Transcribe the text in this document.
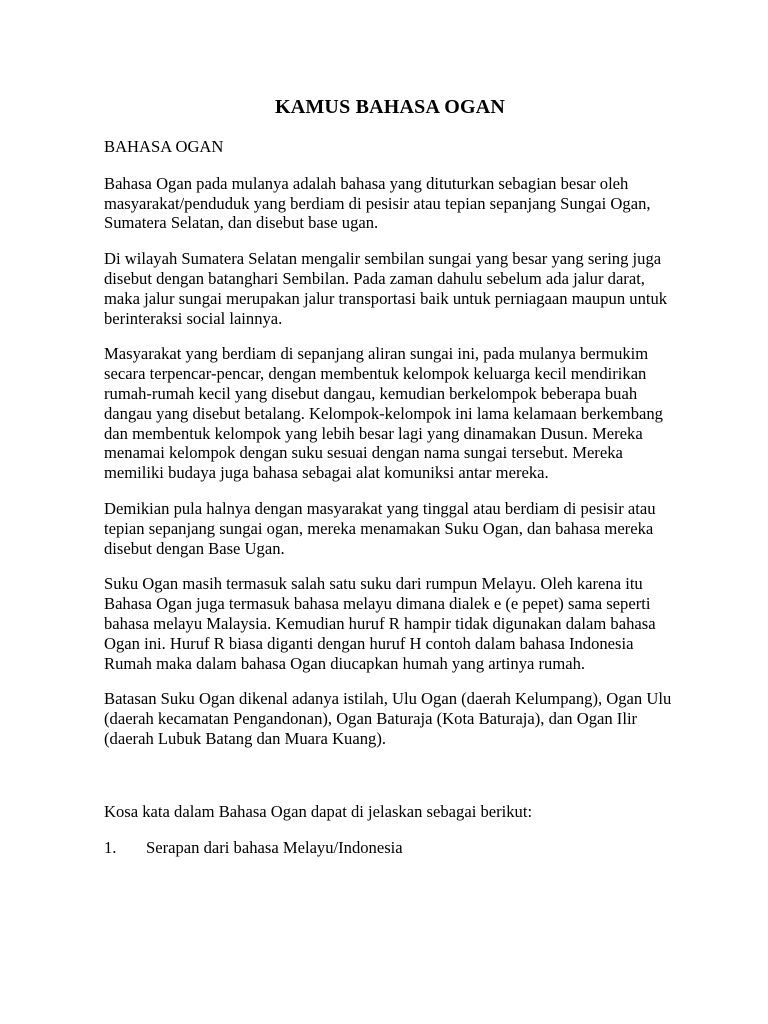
KAMUS BAHASA OGAN
BAHASA OGAN

Bahasa Ogan pada mulanya adalah bahasa yang dituturkan sebagian besar oleh masyarakat/penduduk yang berdiam di pesisir atau tepian sepanjang Sungai Ogan, Sumatera Selatan, dan disebut base ugan.

Di wilayah Sumatera Selatan mengalir sembilan sungai yang besar yang sering juga disebut dengan batanghari Sembilan. Pada zaman dahulu sebelum ada jalur darat, maka jalur sungai merupakan jalur transportasi baik untuk perniagaan maupun untuk berinteraksi social lainnya.

Masyarakat yang berdiam di sepanjang aliran sungai ini, pada mulanya bermukim secara terpencar-pencar, dengan membentuk kelompok keluarga kecil mendirikan rumah-rumah kecil yang disebut dangau, kemudian berkelompok beberapa buah dangau yang disebut betalang. Kelompok-kelompok ini lama kelamaan berkembang dan membentuk kelompok yang lebih besar lagi yang dinamakan Dusun. Mereka menamai kelompok dengan suku sesuai dengan nama sungai tersebut. Mereka memiliki budaya juga bahasa sebagai alat komuniksi antar mereka.

Demikian pula halnya dengan masyarakat yang tinggal atau berdiam di pesisir atau tepian sepanjang sungai ogan, mereka menamakan Suku Ogan, dan bahasa mereka disebut dengan Base Ugan.

Suku Ogan masih termasuk salah satu suku dari rumpun Melayu. Oleh karena itu Bahasa Ogan juga termasuk bahasa melayu dimana dialek e (e pepet) sama seperti bahasa melayu Malaysia. Kemudian huruf R hampir tidak digunakan dalam bahasa Ogan ini. Huruf R biasa diganti dengan huruf H contoh dalam bahasa Indonesia Rumah maka dalam bahasa Ogan diucapkan humah yang artinya rumah.

Batasan Suku Ogan dikenal adanya istilah, Ulu Ogan (daerah Kelumpang), Ogan Ulu (daerah kecamatan Pengandonan), Ogan Baturaja (Kota Baturaja), dan Ogan Ilir (daerah Lubuk Batang dan Muara Kuang).

Kosa kata dalam Bahasa Ogan dapat di jelaskan sebagai berikut:

1.	Serapan dari bahasa Melayu/Indonesia
